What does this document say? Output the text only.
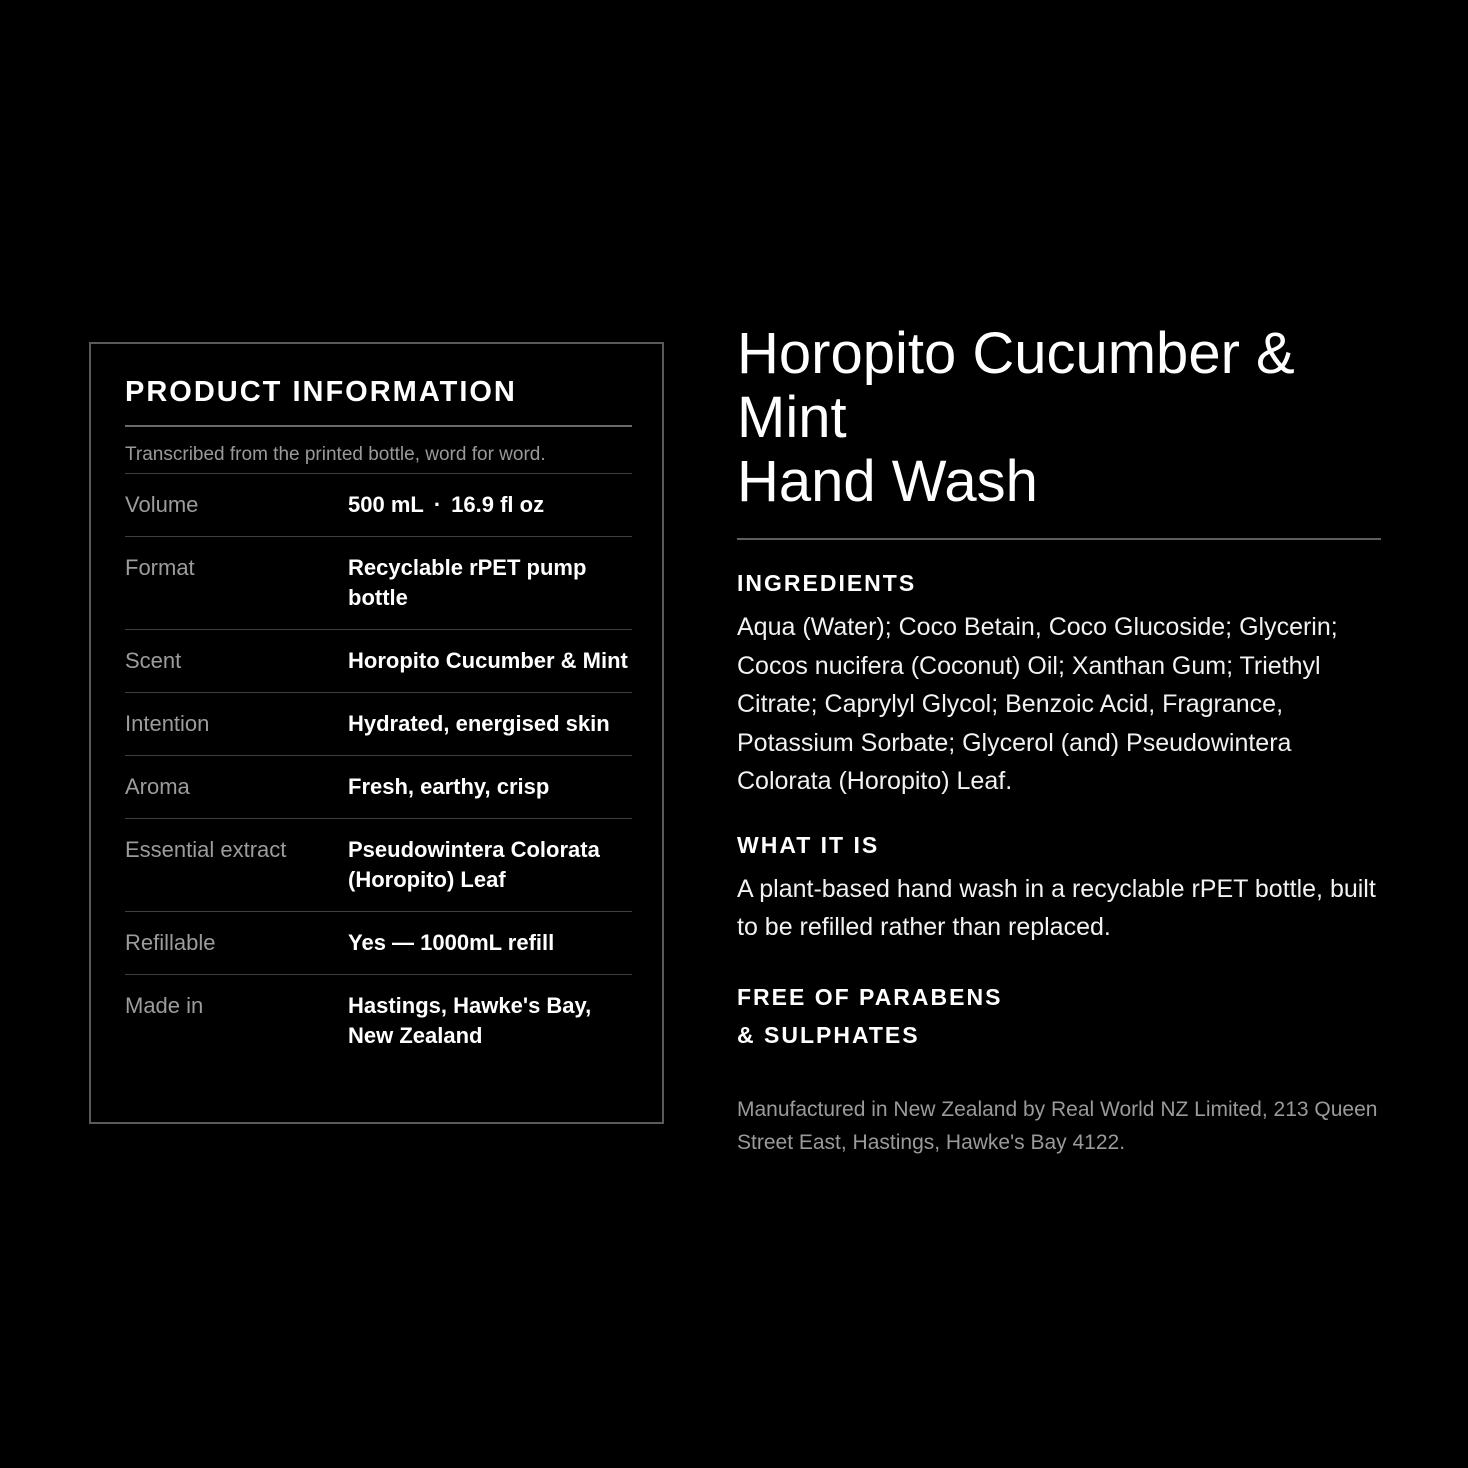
PRODUCT INFORMATION
Transcribed from the printed bottle, word for word.
Volume	500 mL · 16.9 fl oz
Format	Recyclable rPET pump bottle
Scent	Horopito Cucumber & Mint
Intention	Hydrated, energised skin
Aroma	Fresh, earthy, crisp
Essential extract	Pseudowintera Colorata (Horopito) Leaf
Refillable	Yes — 1000mL refill
Made in	Hastings, Hawke's Bay, New Zealand
Horopito Cucumber &
Mint
Hand Wash
INGREDIENTS
Aqua (Water); Coco Betain, Coco Glucoside; Glycerin; Cocos nucifera (Coconut) Oil; Xanthan Gum; Triethyl Citrate; Caprylyl Glycol; Benzoic Acid, Fragrance, Potassium Sorbate; Glycerol (and) Pseudowintera Colorata (Horopito) Leaf.
WHAT IT IS
A plant-based hand wash in a recyclable rPET bottle, built to be refilled rather than replaced.
FREE OF PARABENS
& SULPHATES
Manufactured in New Zealand by Real World NZ Limited, 213 Queen Street East, Hastings, Hawke's Bay 4122.
